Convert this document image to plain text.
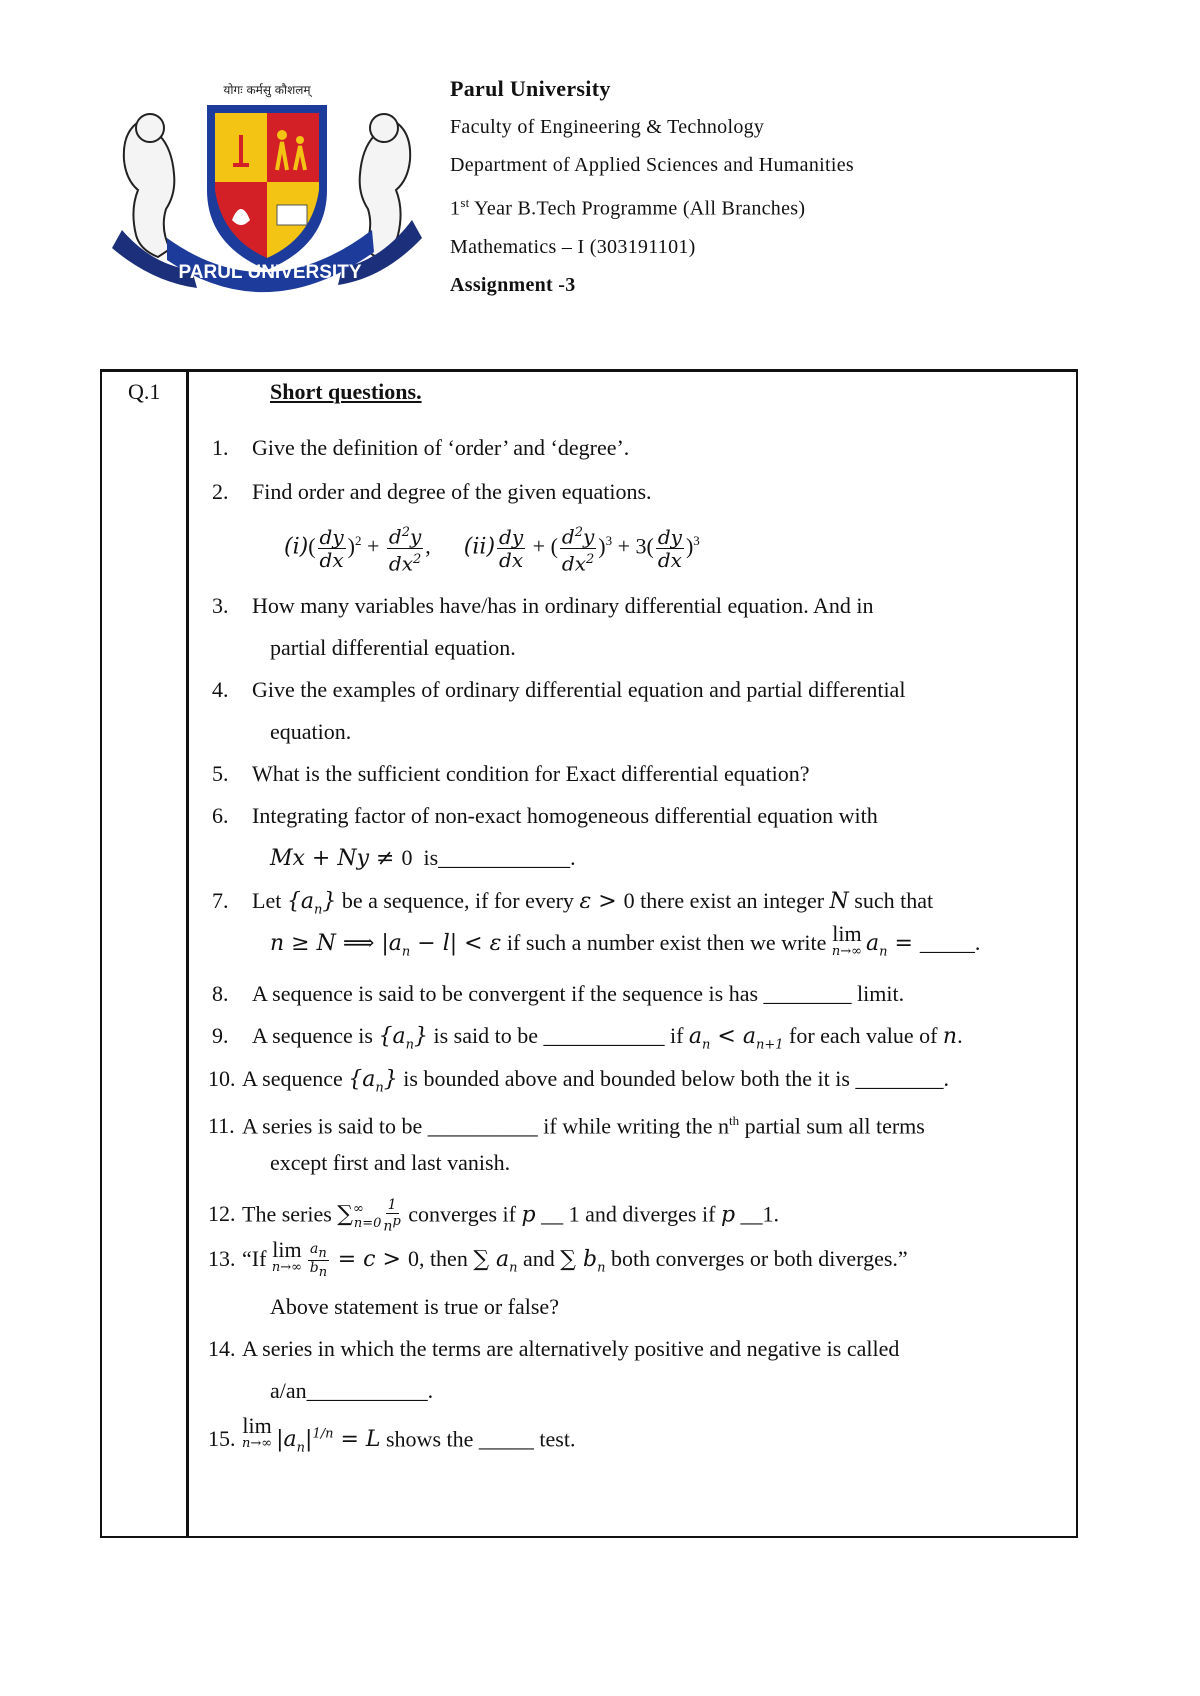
PARUL UNIVERSITY
योगः कर्मसु कौशलम्	Parul University
Faculty of Engineering & Technology
Department of Applied Sciences and Humanities
1st Year B.Tech Programme (All Branches)
Mathematics – I (303191101)
Assignment -3
Q.1	Short questions.
1. Give the definition of ‘order’ and ‘degree’.
2. Find order and degree of the given equations.
$(i)( \frac{dy}{dx} )^2 + \frac{d^2y}{dx^2}$ ,      $(ii) \frac{dy}{dx}$ + ( $\frac{d^2y}{dx^2} )^3 + 3( \frac{dy}{dx} )^3$
3. How many variables have/has in ordinary differential equation. And in
partial differential equation.
4. Give the examples of ordinary differential equation and partial differential
equation.
5. What is the sufficient condition for Exact differential equation?
6. Integrating factor of non-exact homogeneous differential equation with
Mx + Ny ≠ 0  is____________.
7. Let $\{a_n\}$ be a sequence, if for every ε > 0 there exist an integer N such that
n ≥ N ⟹ $|a_n - l| < \varepsilon$ if such a number exist then we write lim
n→∞ $a_n$ = _____.
8. A sequence is said to be convergent if the sequence is has ________ limit.
9. A sequence is $\{a_n\}$ is said to be ___________ if $a_n < a_{n+1}$ for each value of n.
10. A sequence $\{a_n\}$ is bounded above and bounded below both the it is ________.
11. A series is said to be __________ if while writing the $n^{th}$ partial sum all terms
except first and last vanish.
12. The series $\sum^\infty_{n=0} \frac{1}{n^p}$ converges if p __ 1 and diverges if p __1.
13. “If lim
$n\to\infty \frac{a_n}{b_n} = c > 0$, then ∑ $a_n$ and ∑ $b_n$ both converges or both diverges.”
Above statement is true or false?
14. A series in which the terms are alternatively positive and negative is called
a/an___________.
15.lim
n→∞ $|a_n|^{1/n} = L$ shows the _____ test.
